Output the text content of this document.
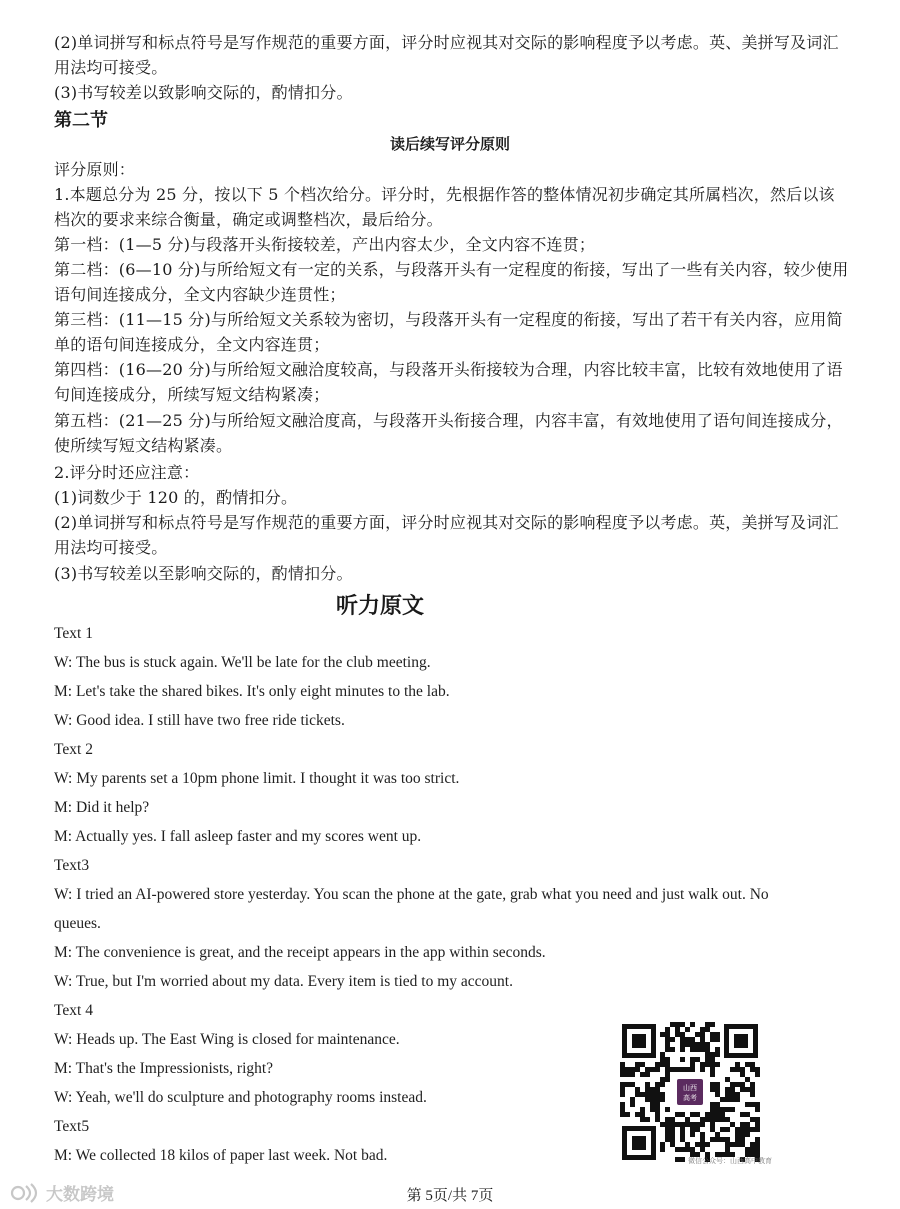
(2)单词拼写和标点符号是写作规范的重要方面，评分时应视其对交际的影响程度予以考虑。英、美拼写及词汇用法均可接受。
(3)书写较差以致影响交际的，酌情扣分。
第二节
读后续写评分原则
评分原则：
1.本题总分为 25 分，按以下 5 个档次给分。评分时，先根据作答的整体情况初步确定其所属档次，然后以该档次的要求来综合衡量，确定或调整档次，最后给分。
第一档：(1—5 分)与段落开头衔接较差，产出内容太少，全文内容不连贯；
第二档：(6—10 分)与所给短文有一定的关系，与段落开头有一定程度的衔接，写出了一些有关内容，较少使用语句间连接成分，全文内容缺少连贯性；
第三档：(11—15 分)与所给短文关系较为密切，与段落开头有一定程度的衔接，写出了若干有关内容，应用简单的语句间连接成分，全文内容连贯；
第四档：(16—20 分)与所给短文融洽度较高，与段落开头衔接较为合理，内容比较丰富，比较有效地使用了语句间连接成分，所续写短文结构紧凑；
第五档：(21—25 分)与所给短文融洽度高，与段落开头衔接合理，内容丰富，有效地使用了语句间连接成分，使所续写短文结构紧凑。
2.评分时还应注意：
(1)词数少于 120 的，酌情扣分。
(2)单词拼写和标点符号是写作规范的重要方面，评分时应视其对交际的影响程度予以考虑。英，美拼写及词汇用法均可接受。
(3)书写较差以至影响交际的，酌情扣分。
听力原文
Text 1
W: The bus is stuck again. We'll be late for the club meeting.
M: Let's take the shared bikes. It's only eight minutes to the lab.
W: Good idea. I still have two free ride tickets.
Text 2
W: My parents set a 10pm phone limit. I thought it was too strict.
M: Did it help?
M: Actually yes. I fall asleep faster and my scores went up.
Text3
W: I tried an AI-powered store yesterday. You scan the phone at the gate, grab what you need and just walk out. No
queues.
M: The convenience is great, and the receipt appears in the app within seconds.
W: True, but I'm worried about my data. Every item is tied to my account.
Text 4
W: Heads up. The East Wing is closed for maintenance.
M: That's the Impressionists, right?
W: Yeah, we'll do sculpture and photography rooms instead.
Text5
M: We collected 18 kilos of paper last week. Not bad.
山西
高考
微信公众号：山西高中教育
第 5页/共 7页
大数跨境
